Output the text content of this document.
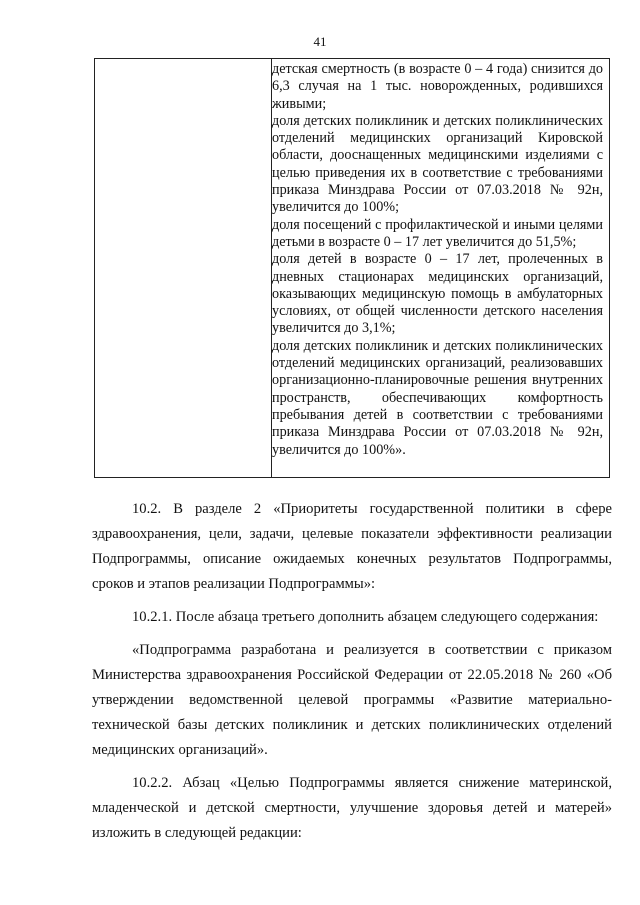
41

детская смертность (в возрасте 0 – 4 года) снизится до 6,3 случая на 1 тыс. новорожденных, родившихся живыми;

доля детских поликлиник и детских поликлинических отделений медицинских организаций Кировской области, дооснащенных медицинскими изделиями с целью приведения их в соответствие с требованиями приказа Минздрава России от 07.03.2018 № 92н, увеличится до 100%;

доля посещений с профилактической и иными целями детьми в возрасте 0 – 17 лет увеличится до 51,5%;

доля детей в возрасте 0 – 17 лет, пролеченных в дневных стационарах медицинских организаций, оказывающих медицинскую помощь в амбулаторных условиях, от общей численности детского населения увеличится до 3,1%;

доля детских поликлиник и детских поликлинических отделений медицинских организаций, реализовавших организационно-планировочные решения внутренних пространств, обеспечивающих комфортность пребывания детей в соответствии с требованиями приказа Минздрава России от 07.03.2018 № 92н, увеличится до 100%».

10.2. В разделе 2 «Приоритеты государственной политики в сфере здравоохранения, цели, задачи, целевые показатели эффективности реализации Подпрограммы, описание ожидаемых конечных результатов Подпрограммы, сроков и этапов реализации Подпрограммы»:

10.2.1. После абзаца третьего дополнить абзацем следующего содержания:

«Подпрограмма разработана и реализуется в соответствии с приказом Министерства здравоохранения Российской Федерации от 22.05.2018 № 260 «Об утверждении ведомственной целевой программы «Развитие материально-технической базы детских поликлиник и детских поликлинических отделений медицинских организаций».

10.2.2. Абзац «Целью Подпрограммы является снижение материнской, младенческой и детской смертности, улучшение здоровья детей и матерей» изложить в следующей редакции:
